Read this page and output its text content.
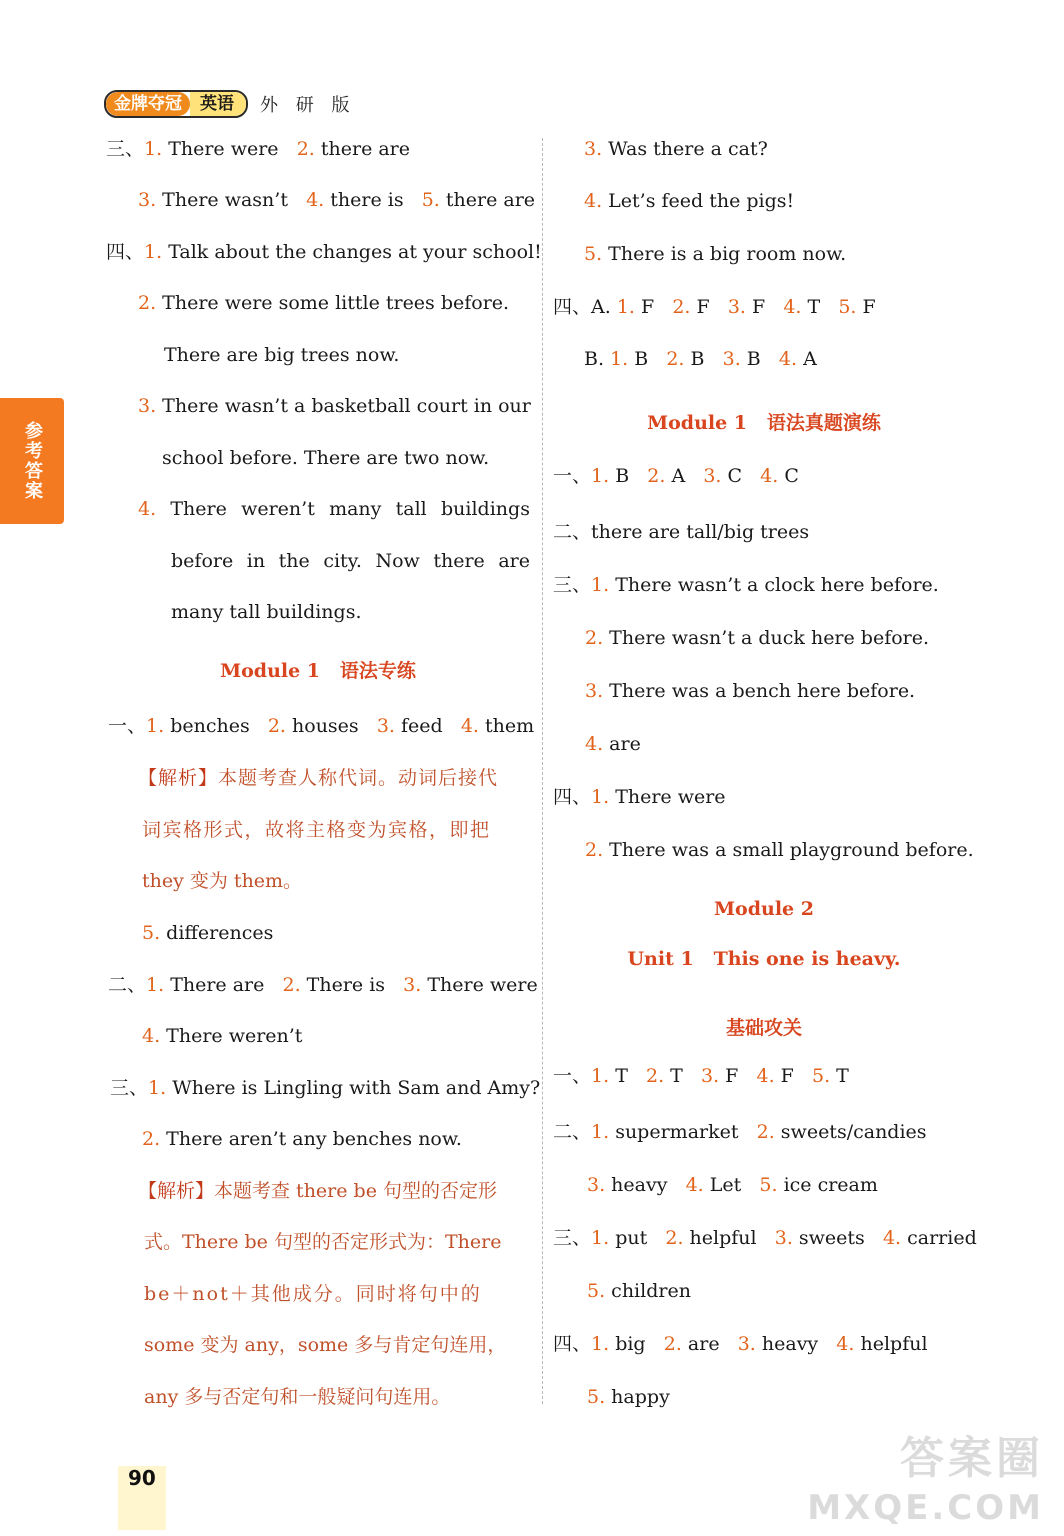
金牌夺冠	英语	外 研 版
参考答案
三、1. There were 2. there are
3. There wasn’t 4. there is 5. there are
四、1. Talk about the changes at your school!
2. There were some little trees before.
There are big trees now.
3. There wasn’t a basketball court in our
school before. There are two now.
4. There weren’t many tall buildings
before in the city. Now there are
many tall buildings.
Module 1 语法专练
一、1. benches 2. houses 3. feed 4. them
【解析】本题考查人称代词。动词后接代
词宾格形式，故将主格变为宾格，即把
they 变为 them。
5. differences
二、1. There are 2. There is 3. There were
4. There weren’t
三、1. Where is Lingling with Sam and Amy?
2. There aren’t any benches now.
【解析】本题考查 there be 句型的否定形
式。There be 句型的否定形式为：There
be＋not＋其他成分。同时将句中的
some 变为 any，some 多与肯定句连用，
any 多与否定句和一般疑问句连用。
3. Was there a cat?
4. Let’s feed the pigs!
5. There is a big room now.
四、A. 1. F 2. F 3. F 4. T 5. F
B. 1. B 2. B 3. B 4. A
Module 1 语法真题演练
一、1. B 2. A 3. C 4. C
二、there are tall/big trees
三、1. There wasn’t a clock here before.
2. There wasn’t a duck here before.
3. There was a bench here before.
4. are
四、1. There were
2. There was a small playground before.
Module 2
Unit 1 This one is heavy.
基础攻关
一、1. T 2. T 3. F 4. F 5. T
二、1. supermarket 2. sweets/candies
3. heavy 4. Let 5. ice cream
三、1. put 2. helpful 3. sweets 4. carried
5. children
四、1. big 2. are 3. heavy 4. helpful
5. happy
90	答案圈
MXQE.COM
